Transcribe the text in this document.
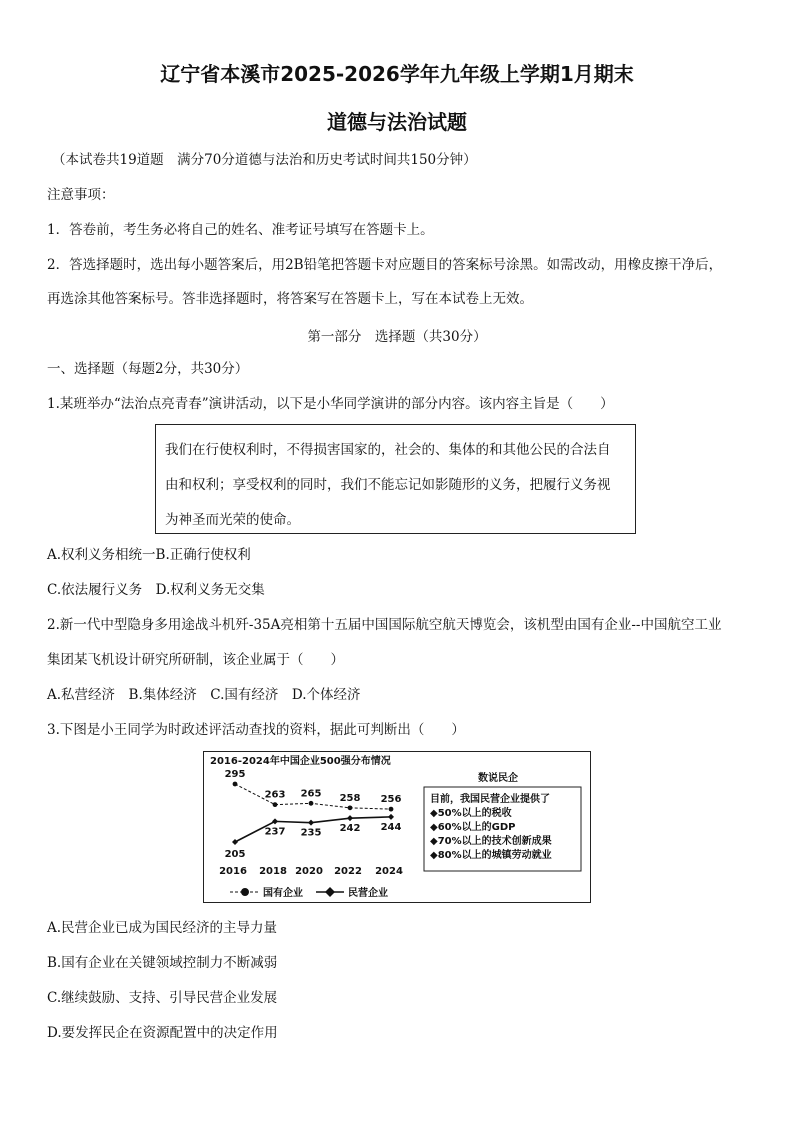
辽宁省本溪市2025-2026学年九年级上学期1月期末
道德与法治试题
（本试卷共19道题　满分70分道德与法治和历史考试时间共150分钟）
注意事项：
1．答卷前，考生务必将自己的姓名、准考证号填写在答题卡上。
2．答选择题时，选出每小题答案后，用2B铅笔把答题卡对应题目的答案标号涂黑。如需改动，用橡皮擦干净后，
再选涂其他答案标号。答非选择题时，将答案写在答题卡上，写在本试卷上无效。
第一部分　选择题（共30分）
一、选择题（每题2分，共30分）
1.某班举办“法治点亮青春”演讲活动，以下是小华同学演讲的部分内容。该内容主旨是（　　）
我们在行使权利时，不得损害国家的，社会的、集体的和其他公民的合法自
由和权利；享受权利的同时，我们不能忘记如影随形的义务，把履行义务视
为神圣而光荣的使命。
A.权利义务相统一B.正确行使权利
C.依法履行义务　D.权利义务无交集
2.新一代中型隐身多用途战斗机歼-35A亮相第十五届中国国际航空航天博览会，该机型由国有企业--中国航空工业
集团某飞机设计研究所研制，该企业属于（　　）
A.私营经济　B.集体经济　C.国有经济　D.个体经济
3.下图是小王同学为时政述评活动查找的资料，据此可判断出（　　）
2016-2024年中国企业500强分布情况
295
263 265 258 256
205
237 235 242 244
2016 2018 2020 2022 2024
国有企业	民营企业
数说民企
目前，我国民营企业提供了
◆50%以上的税收
◆60%以上的GDP
◆70%以上的技术创新成果
◆80%以上的城镇劳动就业
A.民营企业已成为国民经济的主导力量
B.国有企业在关键领域控制力不断减弱
C.继续鼓励、支持、引导民营企业发展
D.要发挥民企在资源配置中的决定作用
